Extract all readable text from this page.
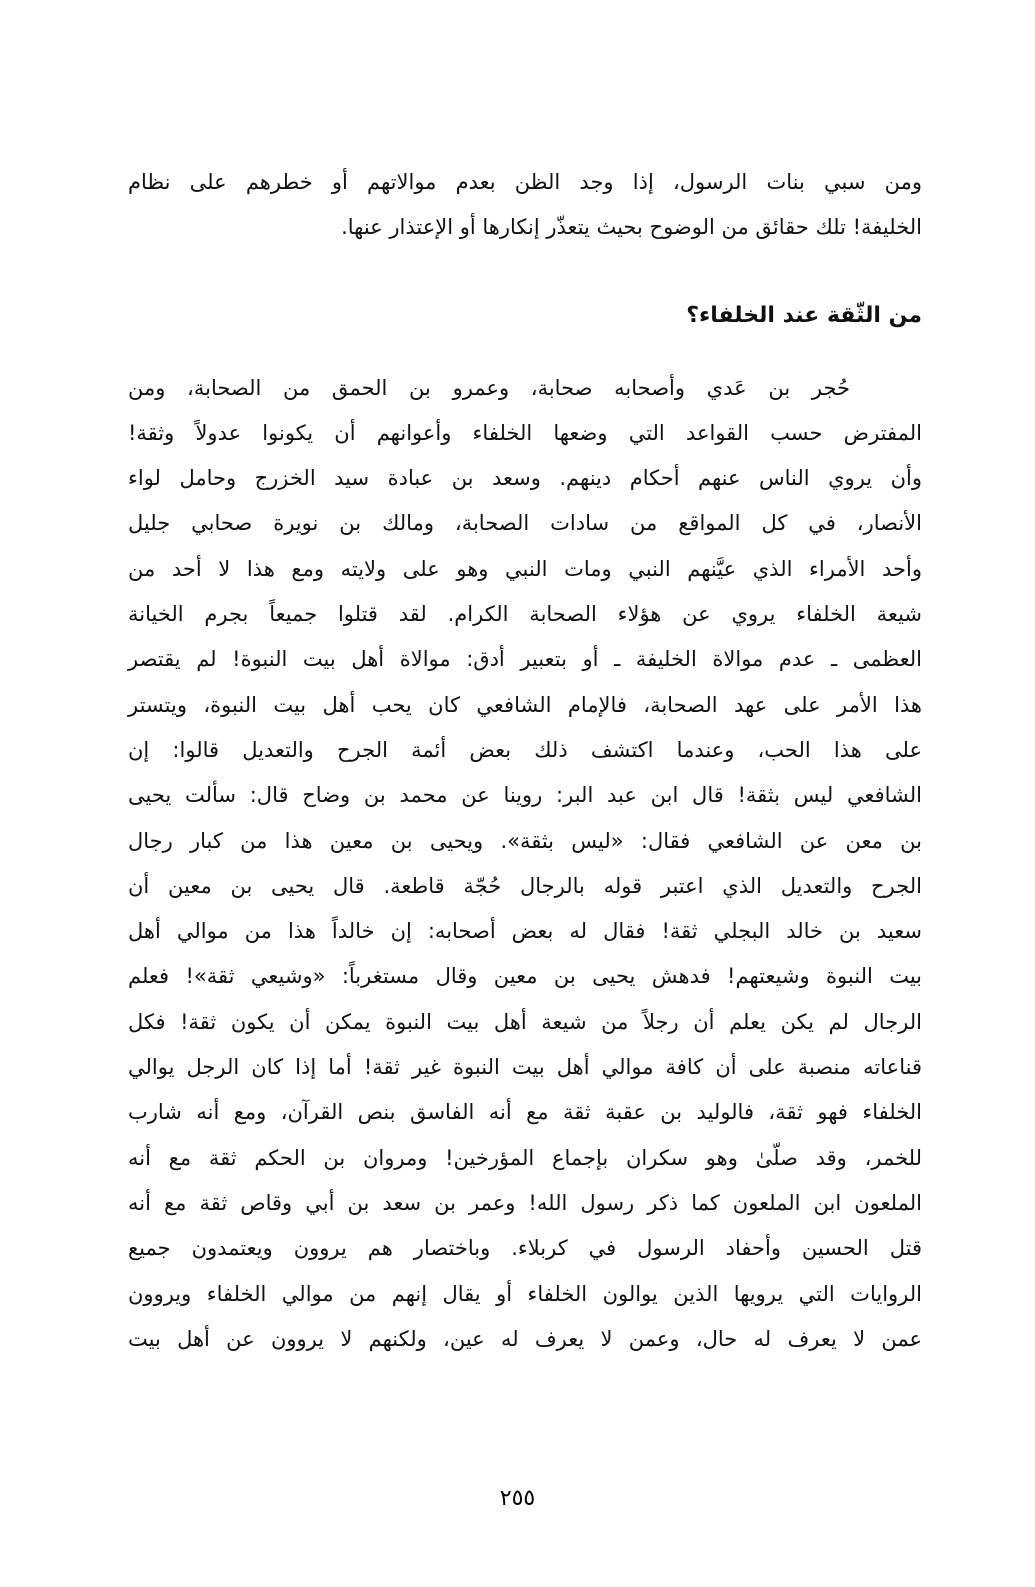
ومن سبي بنات الرسول، إذا وجد الظن بعدم موالاتهم أو خطرهم على نظام
الخليفة! تلك حقائق من الوضوح بحيث يتعذّر إنكارها أو الإعتذار عنها.
من الثّقة عند الخلفاء؟
حُجر بن عَدي وأصحابه صحابة، وعمرو بن الحمق من الصحابة، ومن
المفترض حسب القواعد التي وضعها الخلفاء وأعوانهم أن يكونوا عدولاً وثقة!
وأن يروي الناس عنهم أحكام دينهم. وسعد بن عبادة سيد الخزرج وحامل لواء
الأنصار، في كل المواقع من سادات الصحابة، ومالك بن نويرة صحابي جليل
وأحد الأمراء الذي عيَّنهم النبي ومات النبي وهو على ولايته ومع هذا لا أحد من
شيعة الخلفاء يروي عن هؤلاء الصحابة الكرام. لقد قتلوا جميعاً بجرم الخيانة
العظمى ـ عدم موالاة الخليفة ـ أو بتعبير أدق: موالاة أهل بيت النبوة! لم يقتصر
هذا الأمر على عهد الصحابة، فالإمام الشافعي كان يحب أهل بيت النبوة، ويتستر
على هذا الحب، وعندما اكتشف ذلك بعض أئمة الجرح والتعديل قالوا: إن
الشافعي ليس بثقة! قال ابن عبد البر: روينا عن محمد بن وضاح قال: سألت يحيى
بن معن عن الشافعي فقال: «ليس بثقة». ويحيى بن معين هذا من كبار رجال
الجرح والتعديل الذي اعتبر قوله بالرجال حُجّة قاطعة. قال يحيى بن معين أن
سعيد بن خالد البجلي ثقة! فقال له بعض أصحابه: إن خالداً هذا من موالي أهل
بيت النبوة وشيعتهم! فدهش يحيى بن معين وقال مستغرباً: «وشيعي ثقة»! فعلم
الرجال لم يكن يعلم أن رجلاً من شيعة أهل بيت النبوة يمكن أن يكون ثقة! فكل
قناعاته منصبة على أن كافة موالي أهل بيت النبوة غير ثقة! أما إذا كان الرجل يوالي
الخلفاء فهو ثقة، فالوليد بن عقبة ثقة مع أنه الفاسق بنص القرآن، ومع أنه شارب
للخمر، وقد صلّىٰ وهو سكران بإجماع المؤرخين! ومروان بن الحكم ثقة مع أنه
الملعون ابن الملعون كما ذكر رسول الله! وعمر بن سعد بن أبي وقاص ثقة مع أنه
قتل الحسين وأحفاد الرسول في كربلاء. وباختصار هم يروون ويعتمدون جميع
الروايات التي يرويها الذين يوالون الخلفاء أو يقال إنهم من موالي الخلفاء ويروون
عمن لا يعرف له حال، وعمن لا يعرف له عين، ولكنهم لا يروون عن أهل بيت
٢٥٥
